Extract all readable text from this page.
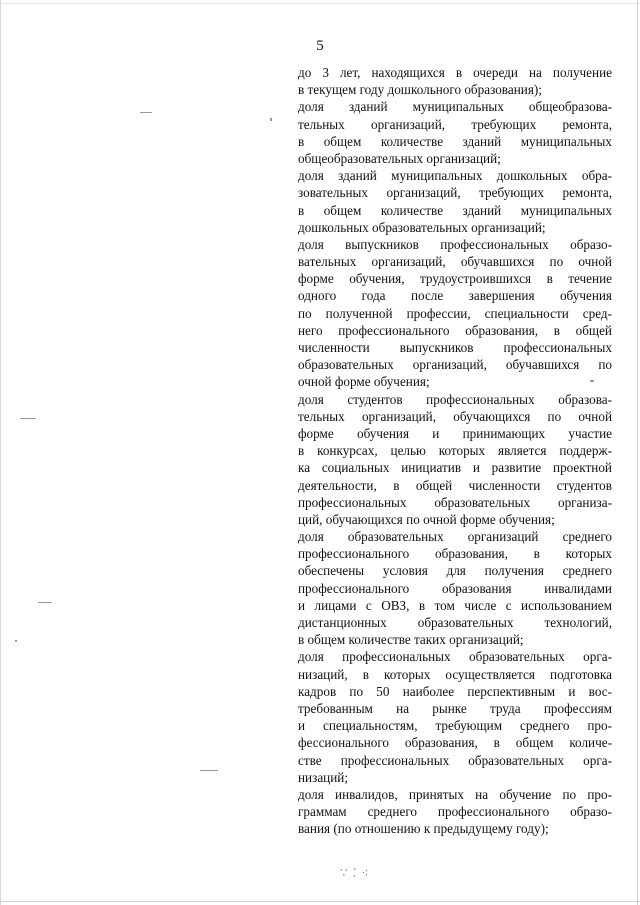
5
до 3 лет, находящихся в очереди на получение
в текущем году дошкольного образования);
доля зданий муниципальных общеобразова-
тельных организаций, требующих ремонта,
в общем количестве зданий муниципальных
общеобразовательных организаций;
доля зданий муниципальных дошкольных обра-
зовательных организаций, требующих ремонта,
в общем количестве зданий муниципальных
дошкольных образовательных организаций;
доля выпускников профессиональных образо-
вательных организаций, обучавшихся по очной
форме обучения, трудоустроившихся в течение
одного года после завершения обучения
по полученной профессии, специальности сред-
него профессионального образования, в общей
численности выпускников профессиональных
образовательных организаций, обучавшихся по
очной форме обучения;
доля студентов профессиональных образова-
тельных организаций, обучающихся по очной
форме обучения и принимающих участие
в конкурсах, целью которых является поддерж-
ка социальных инициатив и развитие проектной
деятельности, в общей численности студентов
профессиональных образовательных организа-
ций, обучающихся по очной форме обучения;
доля образовательных организаций среднего
профессионального образования, в которых
обеспечены условия для получения среднего
профессионального образования инвалидами
и лицами с ОВЗ, в том числе с использованием
дистанционных образовательных технологий,
в общем количестве таких организаций;
доля профессиональных образовательных орга-
низаций, в которых осуществляется подготовка
кадров по 50 наиболее перспективным и вос-
требованным на рынке труда профессиям
и специальностям, требующим среднего про-
фессионального образования, в общем количе-
стве профессиональных образовательных орга-
низаций;
доля инвалидов, принятых на обучение по про-
граммам среднего профессионального образо-
вания (по отношению к предыдущему году);
∵ ⁚ ⁖
